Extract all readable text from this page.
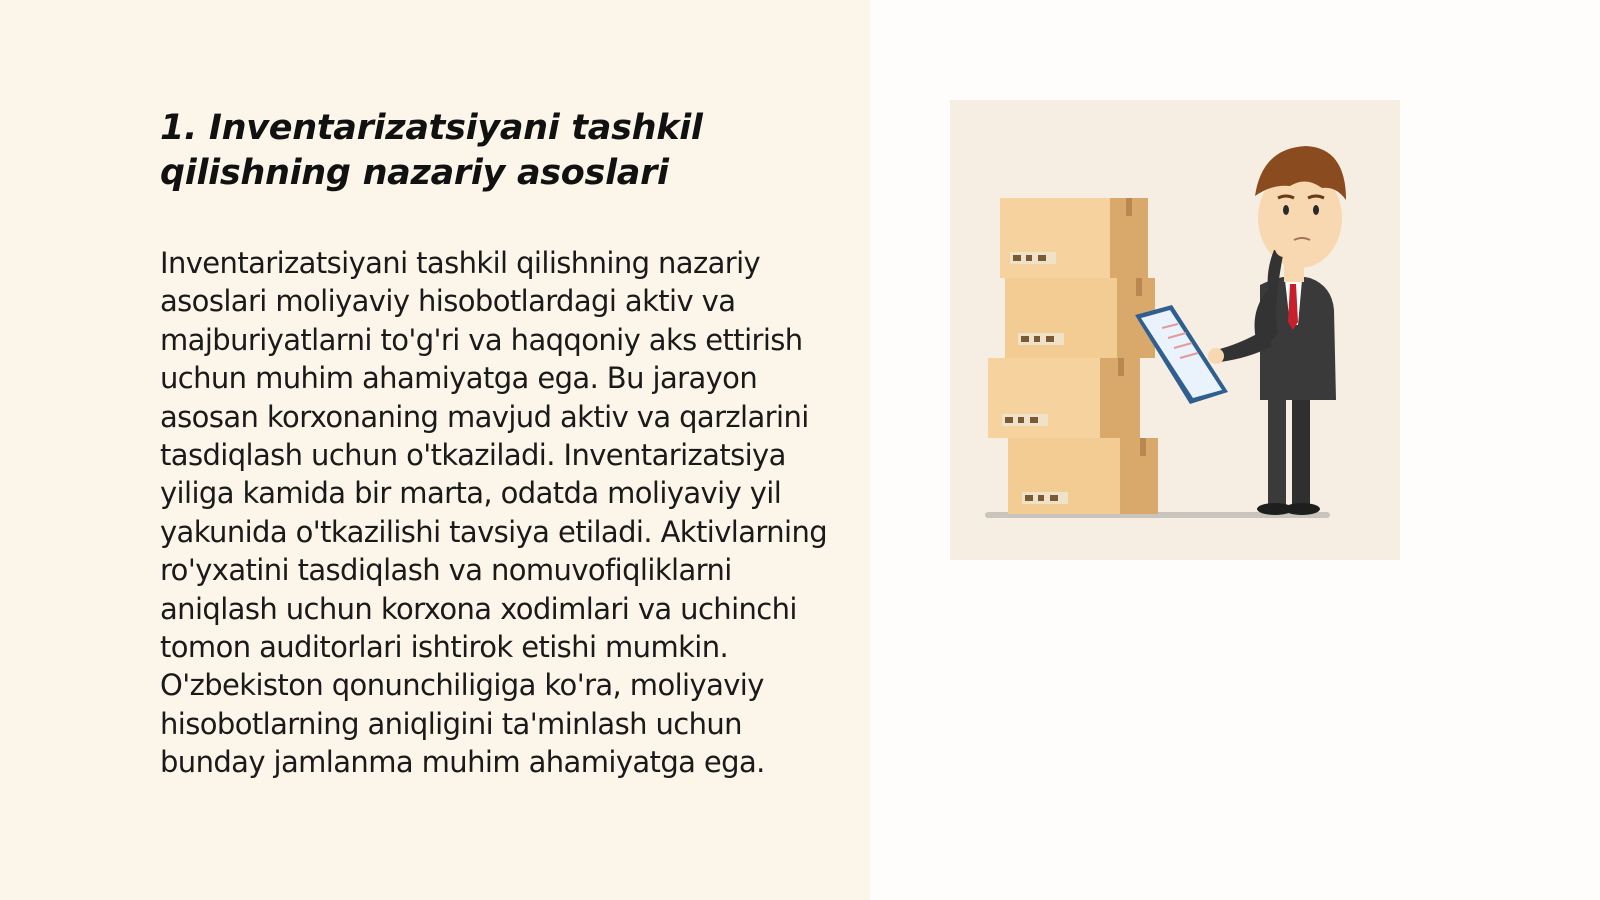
1. Inventarizatsiyani tashkil qilishning nazariy asoslari

Inventarizatsiyani tashkil qilishning nazariy asoslari moliyaviy hisobotlardagi aktiv va majburiyatlarni to'g'ri va haqqoniy aks ettirish uchun muhim ahamiyatga ega. Bu jarayon asosan korxonaning mavjud aktiv va qarzlarini tasdiqlash uchun o'tkaziladi. Inventarizatsiya yiliga kamida bir marta, odatda moliyaviy yil yakunida o'tkazilishi tavsiya etiladi. Aktivlarning ro'yxatini tasdiqlash va nomuvofiqliklarni aniqlash uchun korxona xodimlari va uchinchi tomon auditorlari ishtirok etishi mumkin. O'zbekiston qonunchiligiga ko'ra, moliyaviy hisobotlarning aniqligini ta'minlash uchun bunday jamlanma muhim ahamiyatga ega.
